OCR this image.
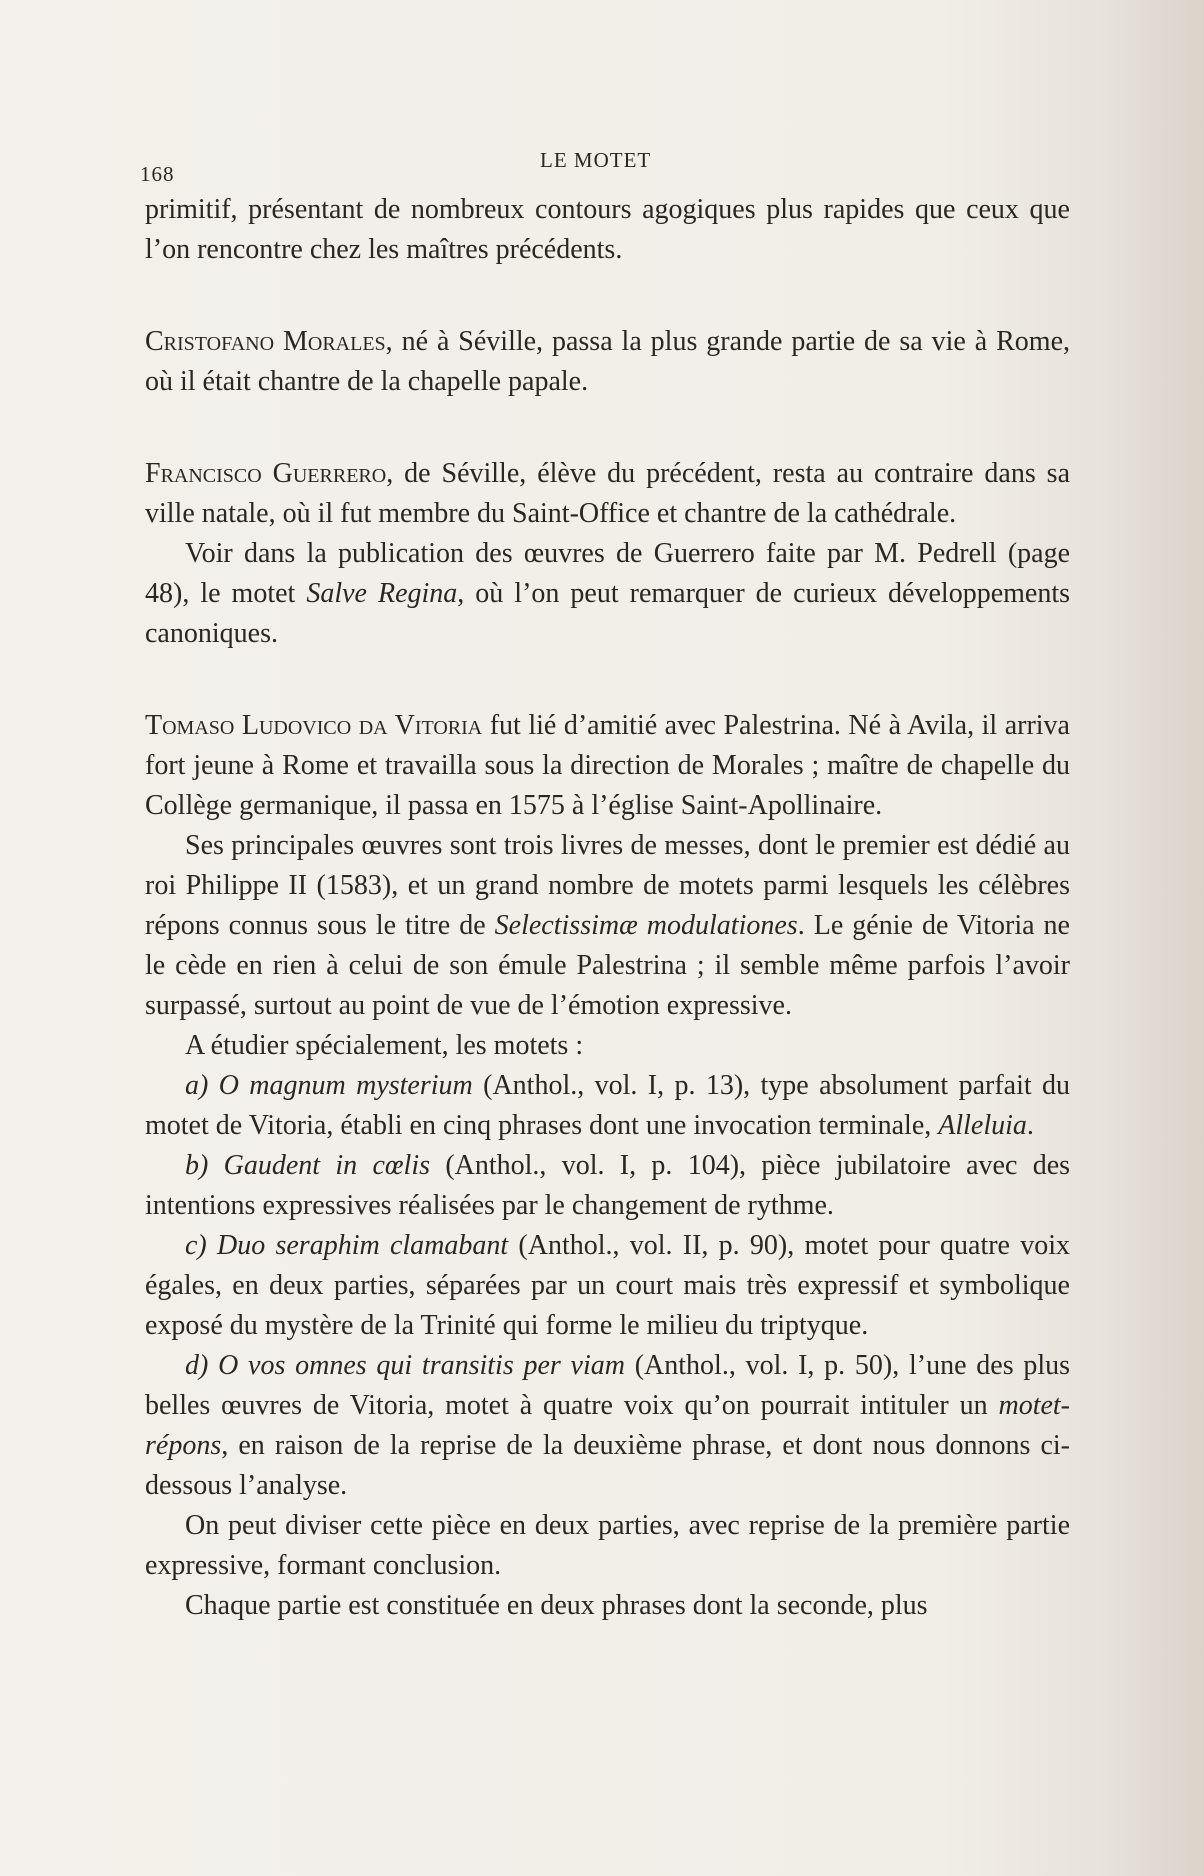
168
LE MOTET

primitif, présentant de nombreux contours agogiques plus rapides que ceux que l’on rencontre chez les maîtres précédents.

Cristofano Morales, né à Séville, passa la plus grande partie de sa vie à Rome, où il était chantre de la chapelle papale.

Francisco Guerrero, de Séville, élève du précédent, resta au contraire dans sa ville natale, où il fut membre du Saint-Office et chantre de la cathédrale.

Voir dans la publication des œuvres de Guerrero faite par M. Pedrell (page 48), le motet Salve Regina, où l’on peut remarquer de curieux développements canoniques.

Tomaso Ludovico da Vitoria fut lié d’amitié avec Palestrina. Né à Avila, il arriva fort jeune à Rome et travailla sous la direction de Morales ; maître de chapelle du Collège germanique, il passa en 1575 à l’église Saint-Apollinaire.

Ses principales œuvres sont trois livres de messes, dont le premier est dédié au roi Philippe II (1583), et un grand nombre de motets parmi lesquels les célèbres répons connus sous le titre de Selectissimæ modulationes. Le génie de Vitoria ne le cède en rien à celui de son émule Palestrina ; il semble même parfois l’avoir surpassé, surtout au point de vue de l’émotion expressive.

A étudier spécialement, les motets :

a) O magnum mysterium (Anthol., vol. I, p. 13), type absolument parfait du motet de Vitoria, établi en cinq phrases dont une invocation terminale, Alleluia.

b) Gaudent in cœlis (Anthol., vol. I, p. 104), pièce jubilatoire avec des intentions expressives réalisées par le changement de rythme.

c) Duo seraphim clamabant (Anthol., vol. II, p. 90), motet pour quatre voix égales, en deux parties, séparées par un court mais très expressif et symbolique exposé du mystère de la Trinité qui forme le milieu du triptyque.

d) O vos omnes qui transitis per viam (Anthol., vol. I, p. 50), l’une des plus belles œuvres de Vitoria, motet à quatre voix qu’on pourrait intituler un motet-répons, en raison de la reprise de la deuxième phrase, et dont nous donnons ci-dessous l’analyse.

On peut diviser cette pièce en deux parties, avec reprise de la première partie expressive, formant conclusion.

Chaque partie est constituée en deux phrases dont la seconde, plus
